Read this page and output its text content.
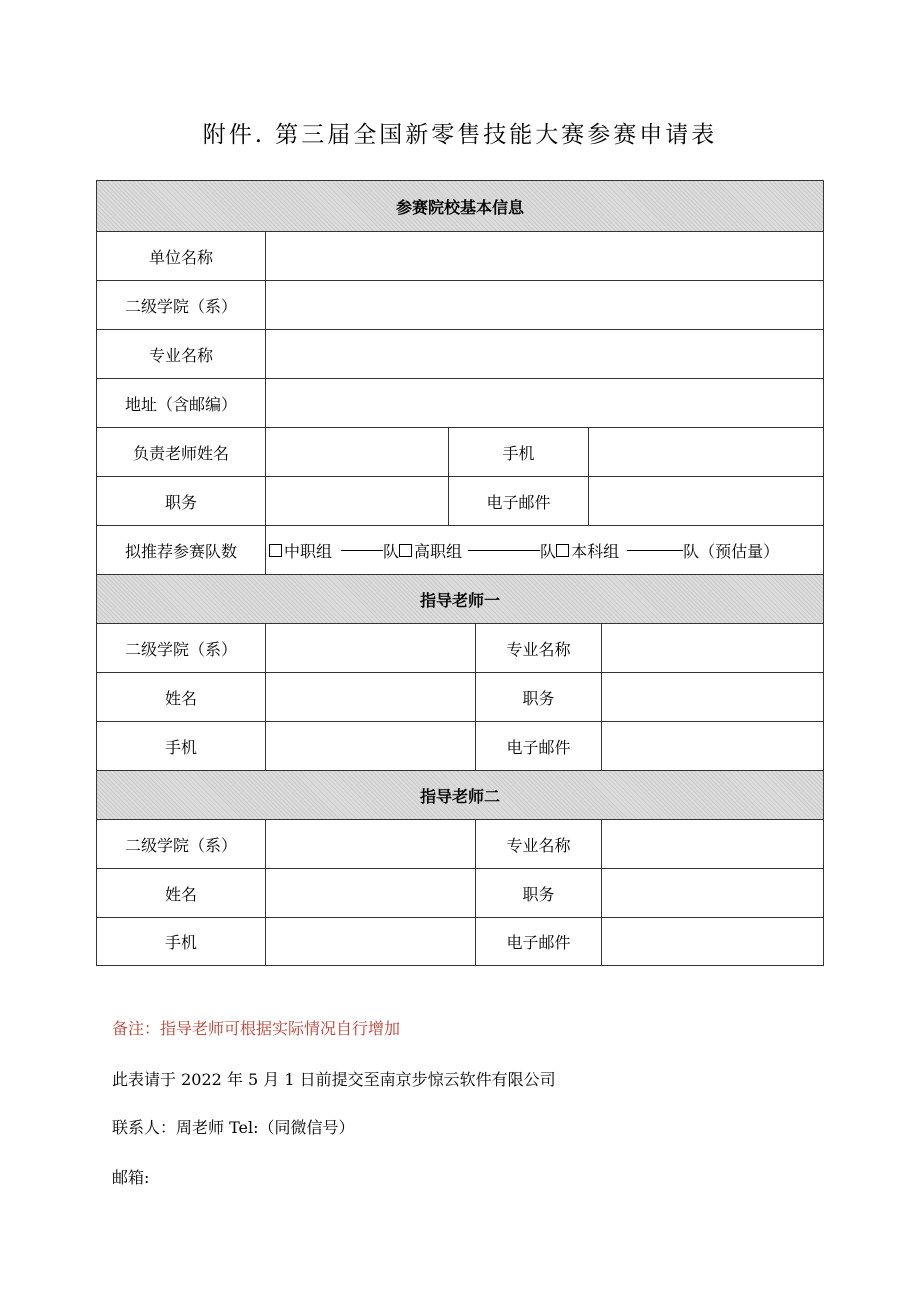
附件. 第三届全国新零售技能大赛参赛申请表
参赛院校基本信息
单位名称
二级学院（系）
专业名称
地址（含邮编）
负责老师姓名	手机
职务	电子邮件
拟推荐参赛队数	中职组	队 高职组	队 本科组	队（预估量）
指导老师一
二级学院（系）	专业名称
姓名	职务
手机	电子邮件
指导老师二
二级学院（系）	专业名称
姓名	职务
手机	电子邮件
备注：指导老师可根据实际情况自行增加
此表请于 2022 年 5 月 1 日前提交至南京步惊云软件有限公司
联系人：周老师 Tel:（同微信号）
邮箱:
